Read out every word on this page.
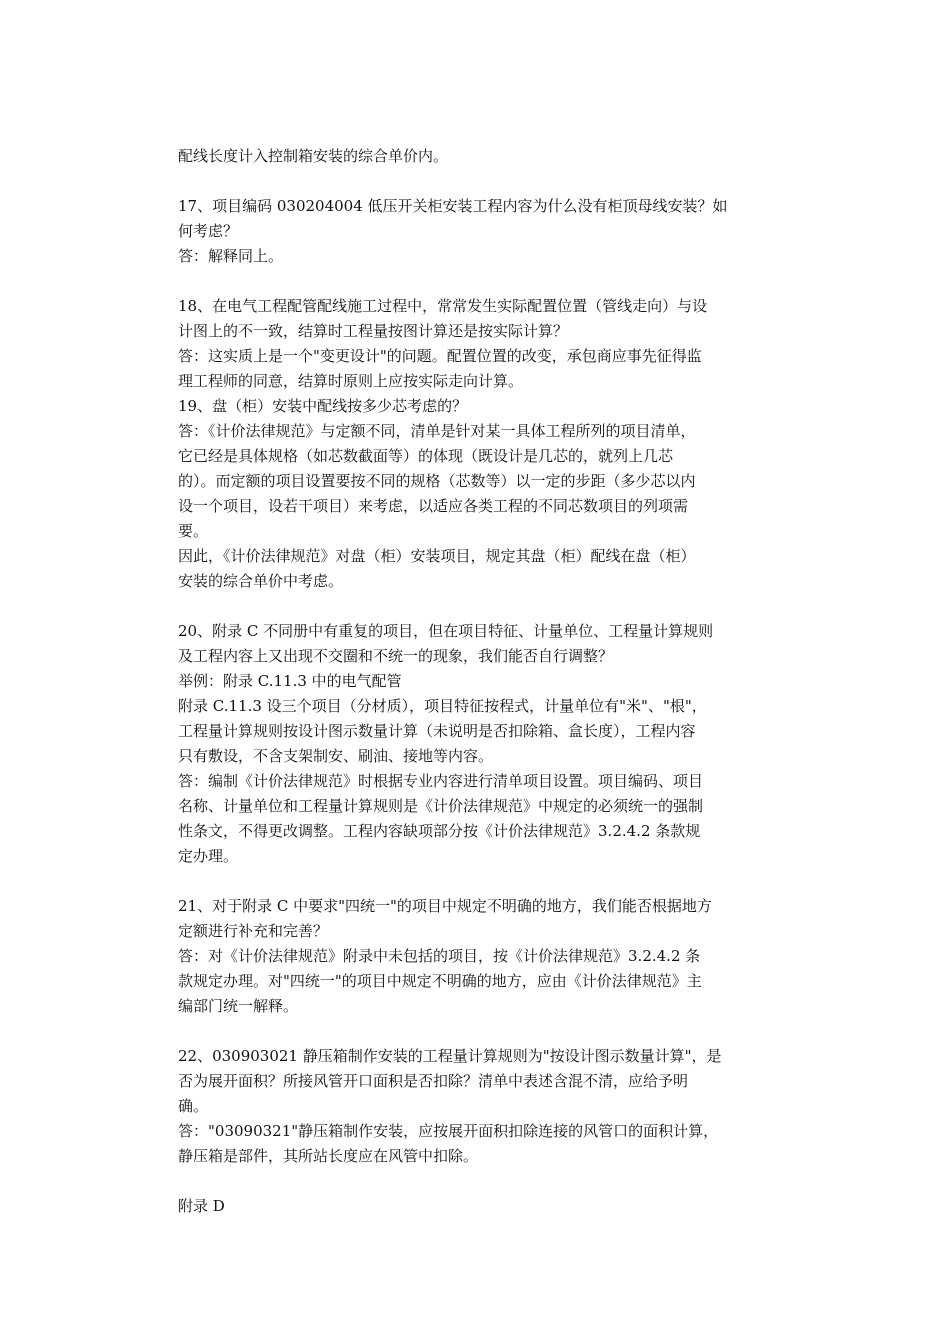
配线长度计入控制箱安装的综合单价内。
17、项目编码 030204004 低压开关柜安装工程内容为什么没有柜顶母线安装？如
何考虑？
答：解释同上。
18、在电气工程配管配线施工过程中，常常发生实际配置位置（管线走向）与设
计图上的不一致，结算时工程量按图计算还是按实际计算？
答：这实质上是一个"变更设计"的问题。配置位置的改变，承包商应事先征得监
理工程师的同意，结算时原则上应按实际走向计算。
19、盘（柜）安装中配线按多少芯考虑的？
答：《计价法律规范》与定额不同，清单是针对某一具体工程所列的项目清单，
它已经是具体规格（如芯数截面等）的体现（既设计是几芯的，就列上几芯
的）。而定额的项目设置要按不同的规格（芯数等）以一定的步距（多少芯以内
设一个项目，设若干项目）来考虑，以适应各类工程的不同芯数项目的列项需
要。
因此，《计价法律规范》对盘（柜）安装项目，规定其盘（柜）配线在盘（柜）
安装的综合单价中考虑。
20、附录 C 不同册中有重复的项目，但在项目特征、计量单位、工程量计算规则
及工程内容上又出现不交圈和不统一的现象，我们能否自行调整？
举例：附录 C.11.3 中的电气配管
附录 C.11.3 设三个项目（分材质），项目特征按程式，计量单位有"米"、"根"，
工程量计算规则按设计图示数量计算（未说明是否扣除箱、盒长度），工程内容
只有敷设，不含支架制安、刷油、接地等内容。
答：编制《计价法律规范》时根据专业内容进行清单项目设置。项目编码、项目
名称、计量单位和工程量计算规则是《计价法律规范》中规定的必须统一的强制
性条文，不得更改调整。工程内容缺项部分按《计价法律规范》3.2.4.2 条款规
定办理。
21、对于附录 C 中要求"四统一"的项目中规定不明确的地方，我们能否根据地方
定额进行补充和完善？
答：对《计价法律规范》附录中未包括的项目，按《计价法律规范》3.2.4.2 条
款规定办理。对"四统一"的项目中规定不明确的地方，应由《计价法律规范》主
编部门统一解释。
22、030903021 静压箱制作安装的工程量计算规则为"按设计图示数量计算"，是
否为展开面积？所接风管开口面积是否扣除？清单中表述含混不清，应给予明
确。
答："03090321"静压箱制作安装，应按展开面积扣除连接的风管口的面积计算，
静压箱是部件，其所站长度应在风管中扣除。
附录 D
